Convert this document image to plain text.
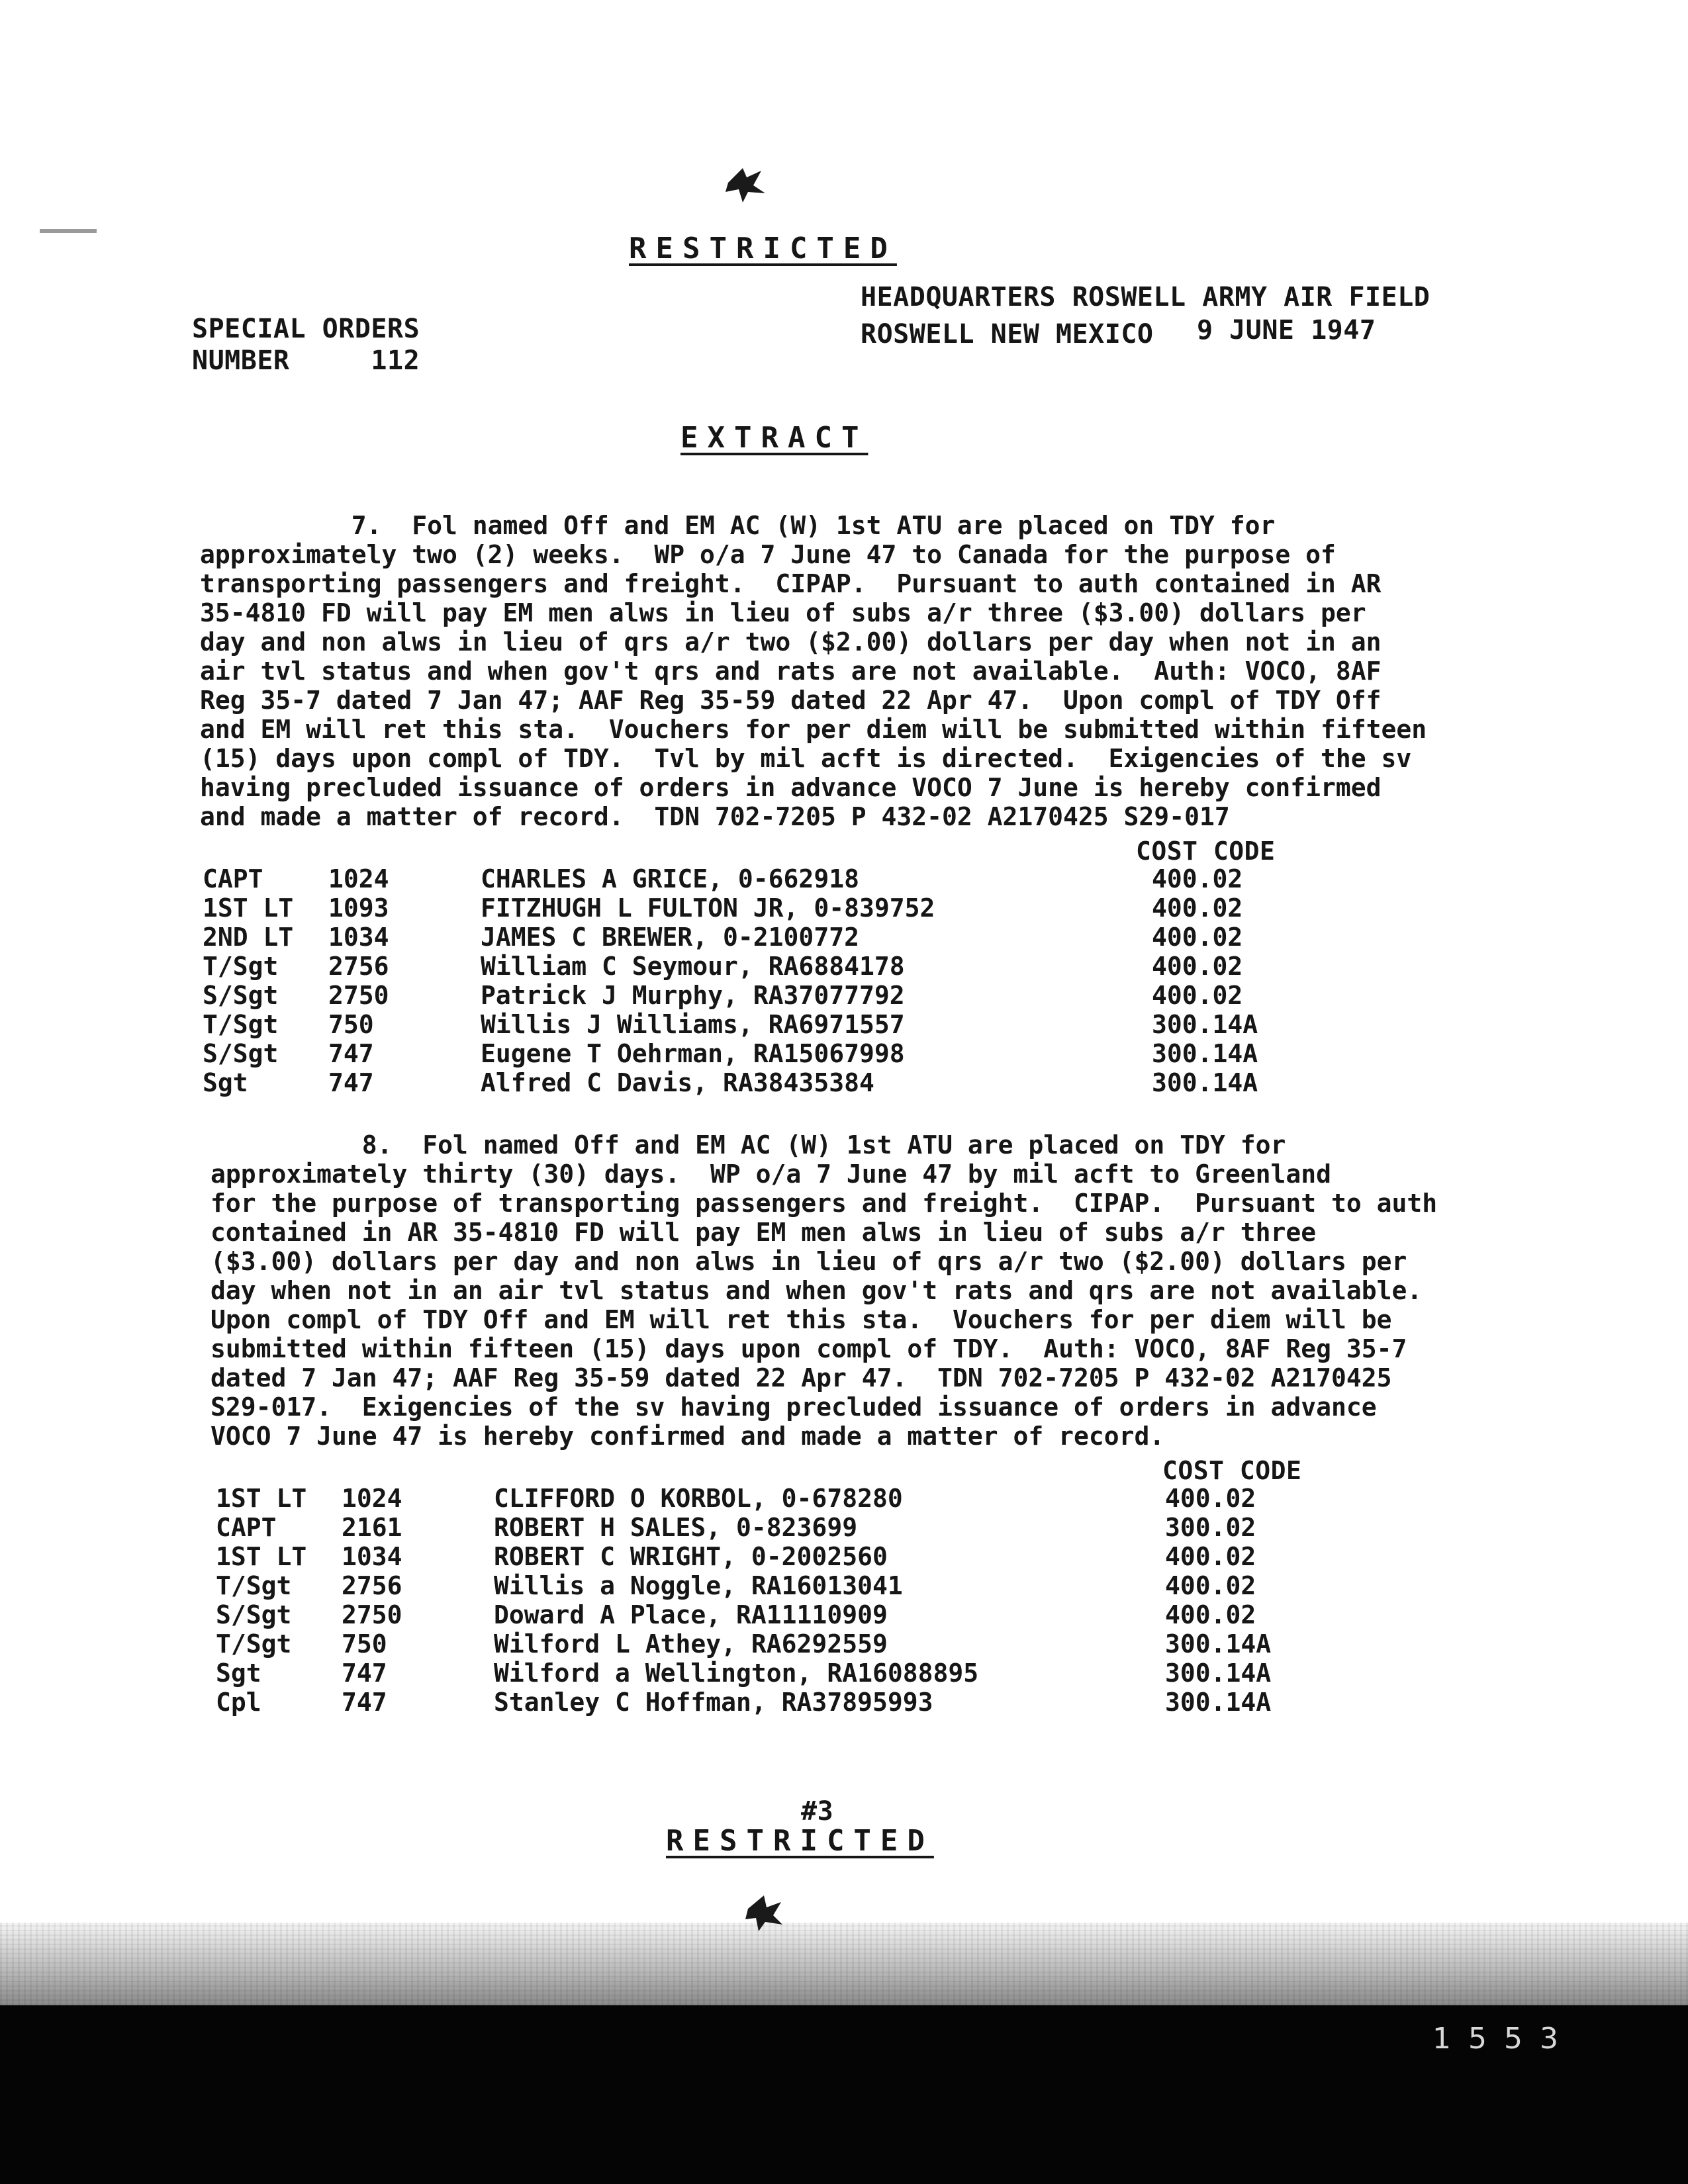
1553
RESTRICTED
SPECIAL ORDERS
NUMBER     112
HEADQUARTERS ROSWELL ARMY AIR FIELD
ROSWELL NEW MEXICO 9 JUNE 1947
EXTRACT
7.  Fol named Off and EM AC (W) 1st ATU are placed on TDY for
approximately two (2) weeks.  WP o/a 7 June 47 to Canada for the purpose of
transporting passengers and freight.  CIPAP.  Pursuant to auth contained in AR
35-4810 FD will pay EM men alws in lieu of subs a/r three ($3.00) dollars per
day and non alws in lieu of qrs a/r two ($2.00) dollars per day when not in an
air tvl status and when gov't qrs and rats are not available.  Auth: VOCO, 8AF
Reg 35-7 dated 7 Jan 47; AAF Reg 35-59 dated 22 Apr 47.  Upon compl of TDY Off
and EM will ret this sta.  Vouchers for per diem will be submitted within fifteen
(15) days upon compl of TDY.  Tvl by mil acft is directed.  Exigencies of the sv
having precluded issuance of orders in advance VOCO 7 June is hereby confirmed
and made a matter of record.  TDN 702-7205 P 432-02 A2170425 S29-017
COST CODE
CAPT	1024	CHARLES A GRICE, 0-662918	400.02
1ST LT 1093	FITZHUGH L FULTON JR, 0-839752	400.02
2ND LT 1034	JAMES C BREWER, 0-2100772	400.02
T/Sgt 2756	William C Seymour, RA6884178	400.02
S/Sgt 2750	Patrick J Murphy, RA37077792	400.02
T/Sgt 750	Willis J Williams, RA6971557	300.14A
S/Sgt 747	Eugene T Oehrman, RA15067998	300.14A
Sgt	747	Alfred C Davis, RA38435384	300.14A
8.  Fol named Off and EM AC (W) 1st ATU are placed on TDY for
approximately thirty (30) days.  WP o/a 7 June 47 by mil acft to Greenland
for the purpose of transporting passengers and freight.  CIPAP.  Pursuant to auth
contained in AR 35-4810 FD will pay EM men alws in lieu of subs a/r three
($3.00) dollars per day and non alws in lieu of qrs a/r two ($2.00) dollars per
day when not in an air tvl status and when gov't rats and qrs are not available.
Upon compl of TDY Off and EM will ret this sta.  Vouchers for per diem will be
submitted within fifteen (15) days upon compl of TDY.  Auth: VOCO, 8AF Reg 35-7
dated 7 Jan 47; AAF Reg 35-59 dated 22 Apr 47.  TDN 702-7205 P 432-02 A2170425
S29-017.  Exigencies of the sv having precluded issuance of orders in advance
VOCO 7 June 47 is hereby confirmed and made a matter of record.
COST CODE
1ST LT 1024	CLIFFORD O KORBOL, 0-678280	400.02
CAPT	2161	ROBERT H SALES, 0-823699	300.02
1ST LT 1034	ROBERT C WRIGHT, 0-2002560	400.02
T/Sgt 2756	Willis a Noggle, RA16013041	400.02
S/Sgt 2750	Doward A Place, RA11110909	400.02
T/Sgt 750	Wilford L Athey, RA6292559	300.14A
Sgt	747	Wilford a Wellington, RA16088895	300.14A
Cpl	747	Stanley C Hoffman, RA37895993	300.14A
#3
RESTRICTED
